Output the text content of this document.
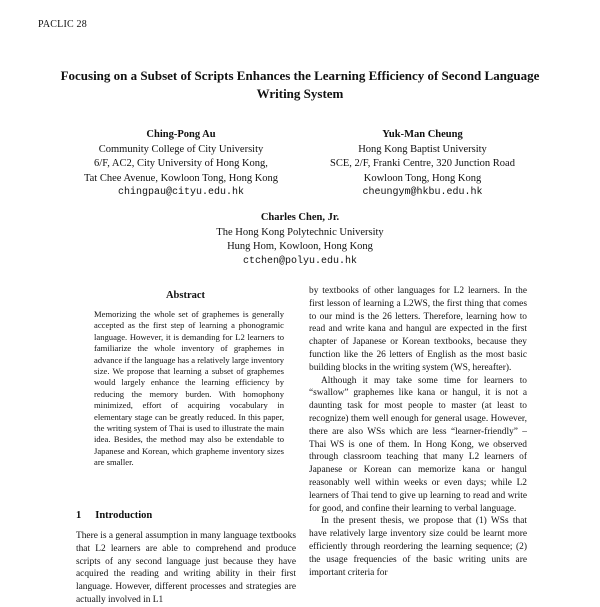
PACLIC 28
Focusing on a Subset of Scripts Enhances the Learning Efficiency of Second Language Writing System
Ching-Pong Au
Community College of City University
6/F, AC2, City University of Hong Kong,
Tat Chee Avenue, Kowloon Tong, Hong Kong
chingpau@cityu.edu.hk
Yuk-Man Cheung
Hong Kong Baptist University
SCE, 2/F, Franki Centre, 320 Junction Road
Kowloon Tong, Hong Kong
cheungym@hkbu.edu.hk
Charles Chen, Jr.
The Hong Kong Polytechnic University
Hung Hom, Kowloon, Hong Kong
ctchen@polyu.edu.hk
Abstract
Memorizing the whole set of graphemes is generally accepted as the first step of learning a phonogramic language. However, it is demanding for L2 learners to familiarize the whole inventory of graphemes in advance if the language has a relatively large inventory size. We propose that learning a subset of graphemes would largely enhance the learning efficiency by reducing the memory burden. With homophony minimized, effort of acquiring vocabulary in elementary stage can be greatly reduced. In this paper, the writing system of Thai is used to illustrate the main idea. Besides, the method may also be extendable to Japanese and Korean, which grapheme inventory sizes are smaller.
1 Introduction
There is a general assumption in many language textbooks that L2 learners are able to comprehend and produce scripts of any second language just because they have acquired the reading and writing ability in their first language. However, different processes and strategies are actually involved in L1

by textbooks of other languages for L2 learners. In the first lesson of learning a L2WS, the first thing that comes to our mind is the 26 letters. Therefore, learning how to read and write kana and hangul are expected in the first chapter of Japanese or Korean textbooks, because they function like the 26 letters of English as the most basic building blocks in the writing system (WS, hereafter).

Although it may take some time for learners to “swallow” graphemes like kana or hangul, it is not a daunting task for most people to master (at least to recognize) them well enough for general usage. However, there are also WSs which are less “learner-friendly” – Thai WS is one of them. In Hong Kong, we observed through classroom teaching that many L2 learners of Japanese or Korean can memorize kana or hangul reasonably well within weeks or even days; while L2 learners of Thai tend to give up learning to read and write for good, and confine their learning to verbal language.

In the present thesis, we propose that (1) WSs that have relatively large inventory size could be learnt more efficiently through reordering the learning sequence; (2) the usage frequencies of the basic writing units are important criteria for
